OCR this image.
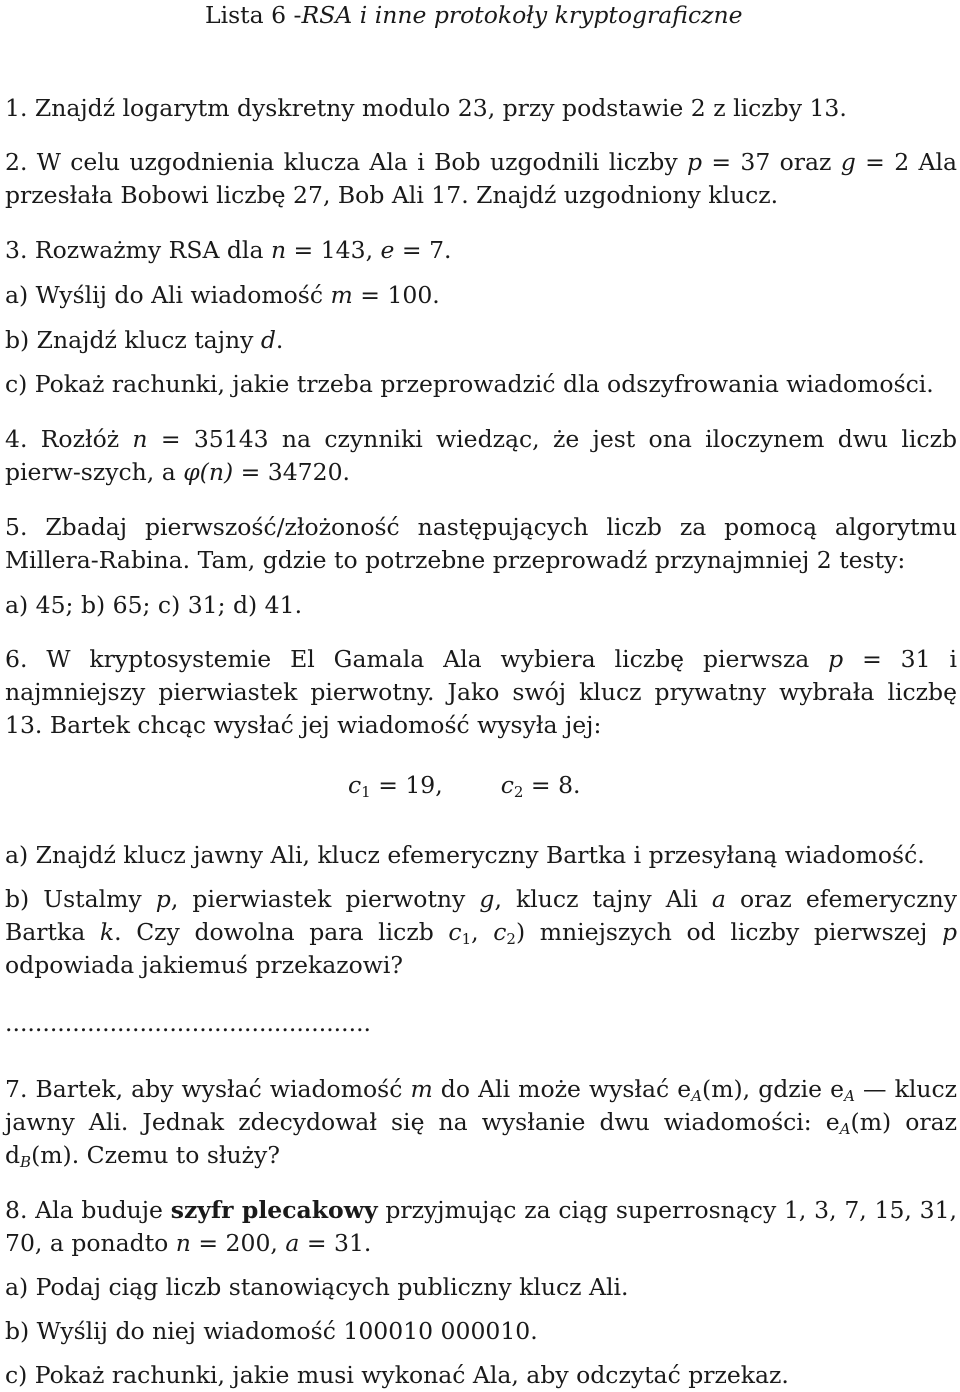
Lista 6 -RSA i inne protokoły kryptograficzne
1. Znajdź logarytm dyskretny modulo 23, przy podstawie 2 z liczby 13.
2. W celu uzgodnienia klucza Ala i Bob uzgodnili liczby p = 37 oraz g = 2 Ala przesłała Bobowi liczbę 27, Bob Ali 17. Znajdź uzgodniony klucz.
3. Rozważmy RSA dla n = 143, e = 7.
a) Wyślij do Ali wiadomość m = 100.
b) Znajdź klucz tajny d.
c) Pokaż rachunki, jakie trzeba przeprowadzić dla odszyfrowania wiadomości.
4. Rozłóż n = 35143 na czynniki wiedząc, że jest ona iloczynem dwu liczb pierw-szych, a φ(n) = 34720.
5. Zbadaj pierwszość/złożoność następujących liczb za pomocą algorytmu Millera-Rabina. Tam, gdzie to potrzebne przeprowadź przynajmniej 2 testy:
a) 45; b) 65; c) 31; d) 41.
6. W kryptosystemie El Gamala Ala wybiera liczbę pierwsza p = 31 i najmniejszy pierwiastek pierwotny. Jako swój klucz prywatny wybrała liczbę 13. Bartek chcąc wysłać jej wiadomość wysyła jej:
$c_1 = 19$, $c_2 = 8$.
a) Znajdź klucz jawny Ali, klucz efemeryczny Bartka i przesyłaną wiadomość.
b) Ustalmy p, pierwiastek pierwotny g, klucz tajny Ali a oraz efemeryczny Bartka k. Czy dowolna para liczb $c_1$, $c_2$) mniejszych od liczby pierwszej p odpowiada jakiemuś przekazowi?
.................................................
7. Bartek, aby wysłać wiadomość m do Ali może wysłać $e_A(m)$, gdzie $e_A$ — klucz jawny Ali. Jednak zdecydował się na wysłanie dwu wiadomości: $e_A(m)$ oraz $d_B(m)$. Czemu to służy?
8. Ala buduje szyfr plecakowy przyjmując za ciąg superrosnący 1, 3, 7, 15, 31, 70, a ponadto n = 200, a = 31.
a) Podaj ciąg liczb stanowiących publiczny klucz Ali.
b) Wyślij do niej wiadomość 100010 000010.
c) Pokaż rachunki, jakie musi wykonać Ala, aby odczytać przekaz.
